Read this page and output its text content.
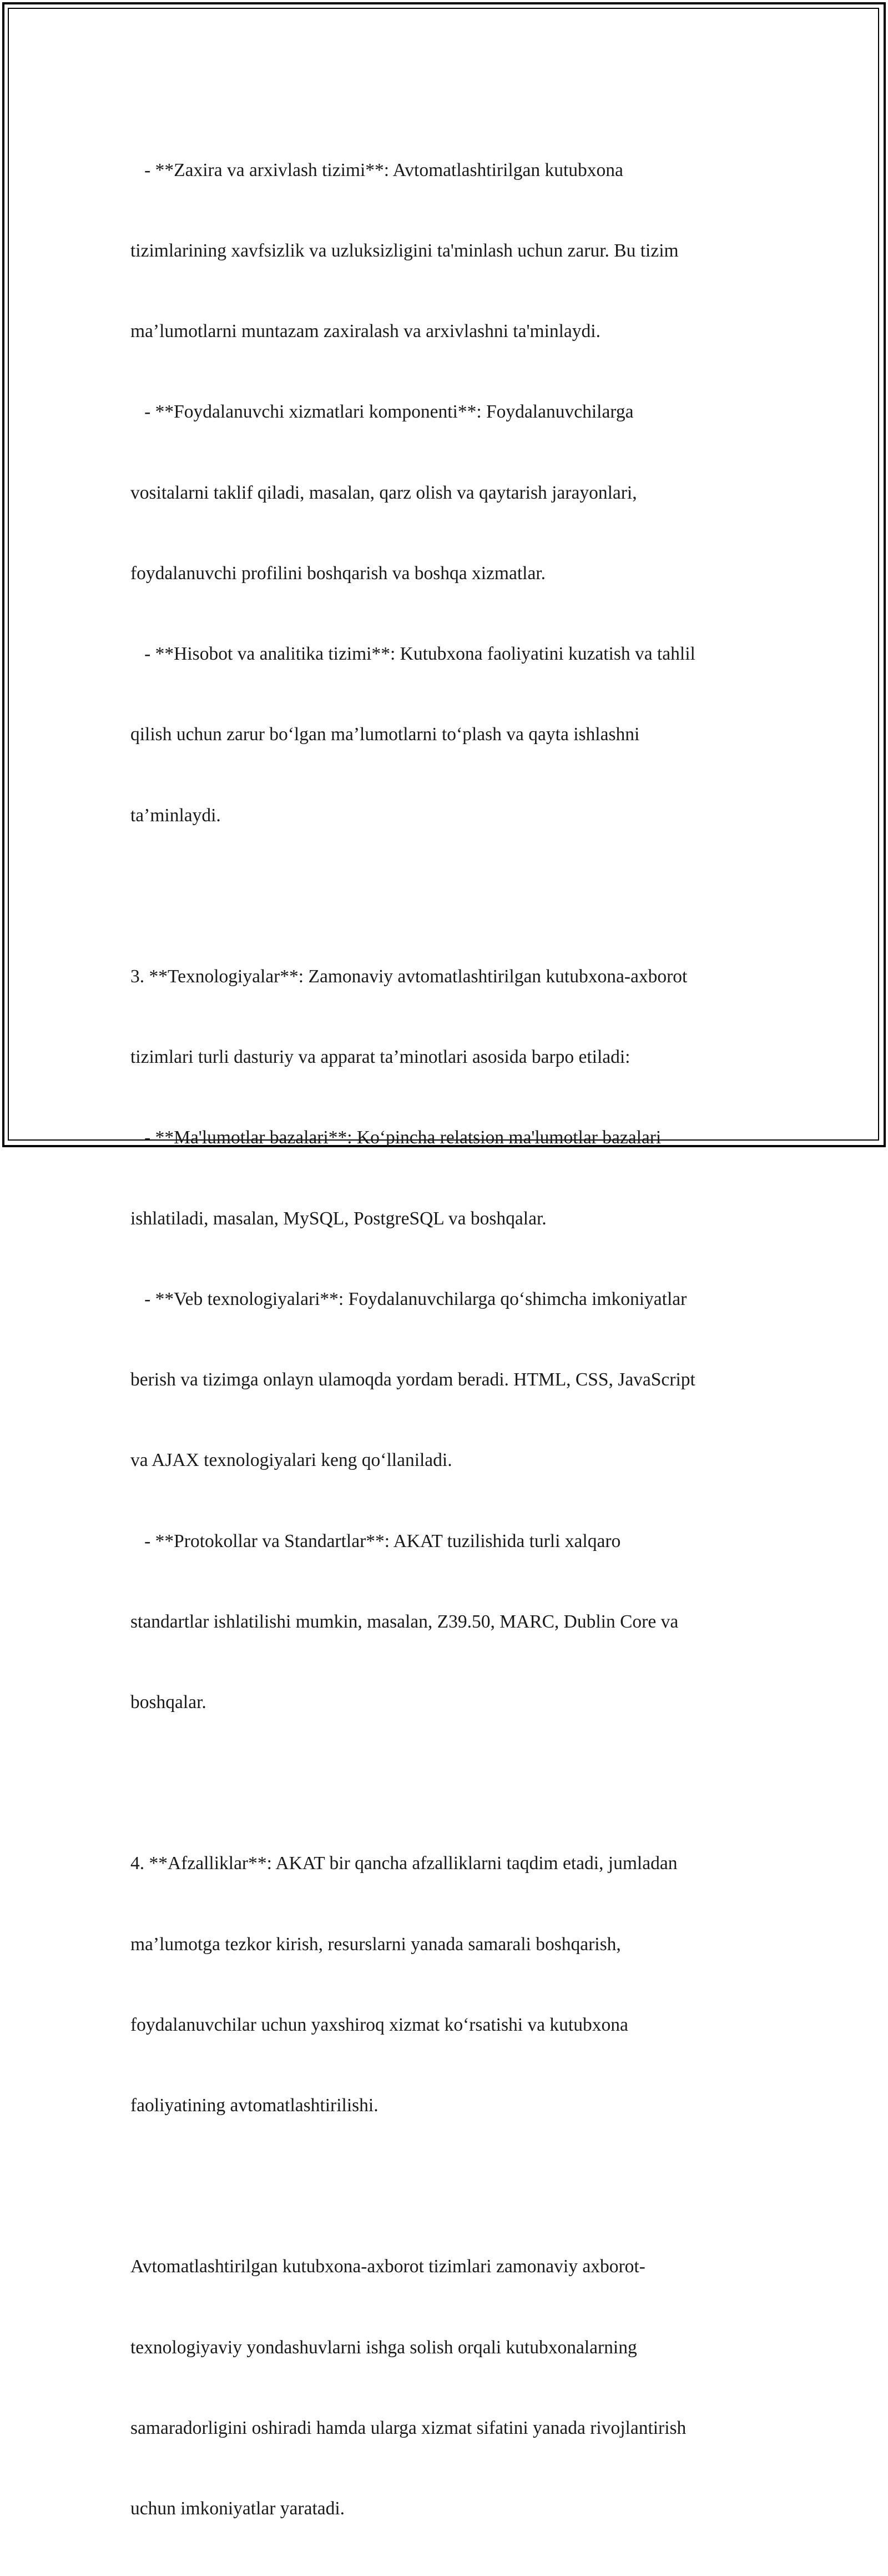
- **Zaxira va arxivlash tizimi**: Avtomatlashtirilgan kutubxona

tizimlarining xavfsizlik va uzluksizligini ta'minlash uchun zarur. Bu tizim

ma’lumotlarni muntazam zaxiralash va arxivlashni ta'minlaydi.

- **Foydalanuvchi xizmatlari komponenti**: Foydalanuvchilarga

vositalarni taklif qiladi, masalan, qarz olish va qaytarish jarayonlari,

foydalanuvchi profilini boshqarish va boshqa xizmatlar.

- **Hisobot va analitika tizimi**: Kutubxona faoliyatini kuzatish va tahlil

qilish uchun zarur bo‘lgan ma’lumotlarni to‘plash va qayta ishlashni

ta’minlaydi.

3. **Texnologiyalar**: Zamonaviy avtomatlashtirilgan kutubxona-axborot

tizimlari turli dasturiy va apparat ta’minotlari asosida barpo etiladi:

- **Ma'lumotlar bazalari**: Ko‘pincha relatsion ma'lumotlar bazalari

ishlatiladi, masalan, MySQL, PostgreSQL va boshqalar.

- **Veb texnologiyalari**: Foydalanuvchilarga qo‘shimcha imkoniyatlar

berish va tizimga onlayn ulamoqda yordam beradi. HTML, CSS, JavaScript

va AJAX texnologiyalari keng qo‘llaniladi.

- **Protokollar va Standartlar**: AKAT tuzilishida turli xalqaro

standartlar ishlatilishi mumkin, masalan, Z39.50, MARC, Dublin Core va

boshqalar.

4. **Afzalliklar**: AKAT bir qancha afzalliklarni taqdim etadi, jumladan

ma’lumotga tezkor kirish, resurslarni yanada samarali boshqarish,

foydalanuvchilar uchun yaxshiroq xizmat ko‘rsatishi va kutubxona

faoliyatining avtomatlashtirilishi.

Avtomatlashtirilgan kutubxona-axborot tizimlari zamonaviy axborot-

texnologiyaviy yondashuvlarni ishga solish orqali kutubxonalarning

samaradorligini oshiradi hamda ularga xizmat sifatini yanada rivojlantirish

uchun imkoniyatlar yaratadi.
